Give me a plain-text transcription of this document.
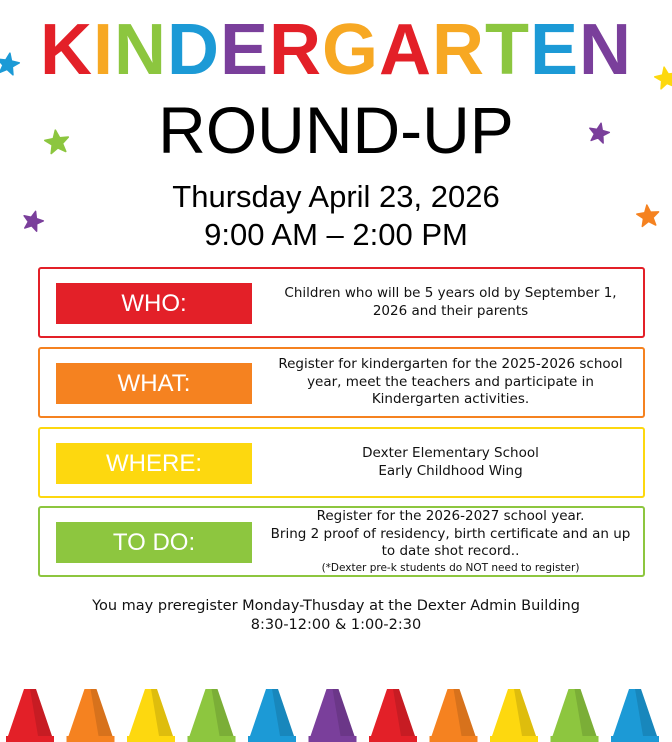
KINDERGARTEN
ROUND-UP
Thursday April 23, 2026
9:00 AM – 2:00 PM
WHO:	Children who will be 5 years old by September 1,
2026 and their parents
WHAT:
Register for kindergarten for the 2025-2026 school
year, meet the teachers and participate in
Kindergarten activities.
WHERE:	Dexter Elementary School
Early Childhood Wing
TO DO:
Register for the 2026-2027 school year.
Bring 2 proof of residency, birth certificate and an up
to date shot record..
(*Dexter pre-k students do NOT need to register)
You may preregister Monday-Thusday at the Dexter Admin Building
8:30-12:00 & 1:00-2:30
